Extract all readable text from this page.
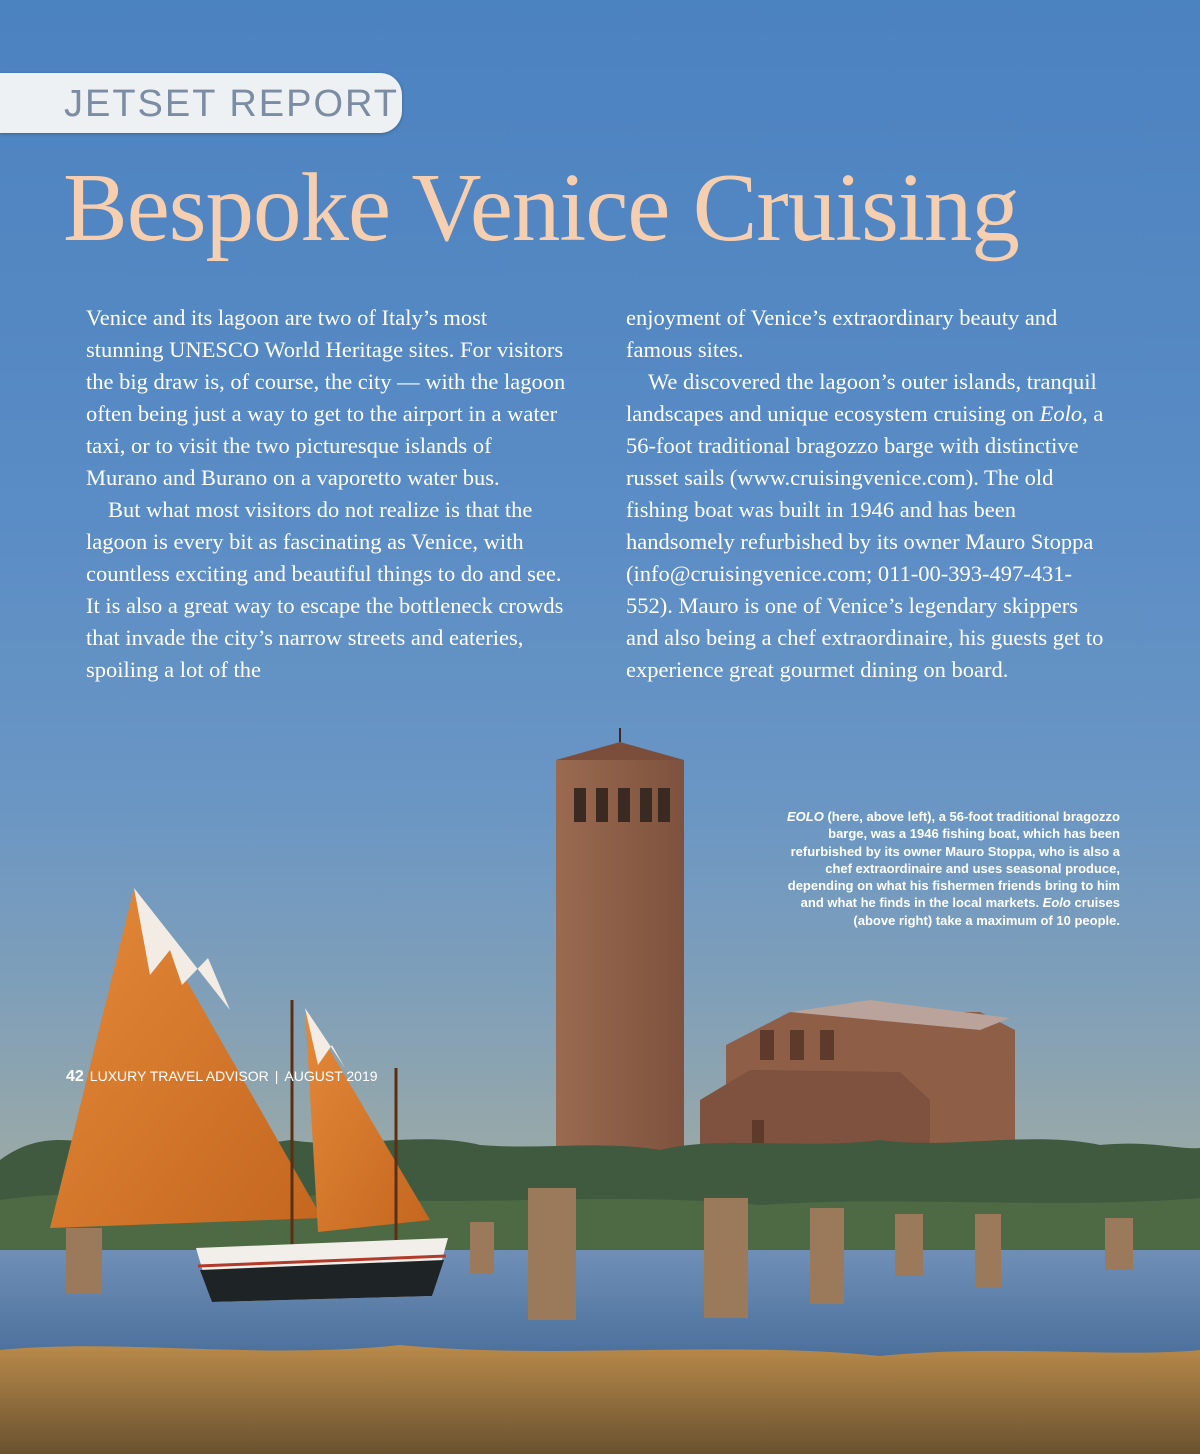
JETSET REPORT
Bespoke Venice Cruising

Venice and its lagoon are two of Italy’s most stunning UNESCO World Heritage sites. For visitors the big draw is, of course, the city — with the lagoon often being just a way to get to the airport in a water taxi, or to visit the two picturesque islands of Murano and Burano on a vaporetto water bus.

But what most visitors do not realize is that the lagoon is every bit as fascinating as Venice, with countless exciting and beautiful things to do and see. It is also a great way to escape the bottleneck crowds that invade the city’s narrow streets and eateries, spoiling a lot of the

enjoyment of Venice’s extraordinary beauty and famous sites.

We discovered the lagoon’s outer islands, tranquil landscapes and unique ecosystem cruising on Eolo, a 56-foot traditional bragozzo barge with distinctive russet sails (www.cruisingvenice.com). The old fishing boat was built in 1946 and has been handsomely refurbished by its owner Mauro Stoppa (info@cruisingvenice.com; 011-00-393-497-431-552). Mauro is one of Venice’s legendary skippers and also being a chef extraordinaire, his guests get to experience great gourmet dining on board.

EOLO (here, above left), a 56-foot traditional bragozzo barge, was a 1946 fishing boat, which has been refurbished by its owner Mauro Stoppa, who is also a chef extraordinaire and uses seasonal produce, depending on what his fishermen friends bring to him and what he finds in the local markets. Eolo cruises (above right) take a maximum of 10 people.
42 LUXURY TRAVEL ADVISOR | AUGUST 2019
